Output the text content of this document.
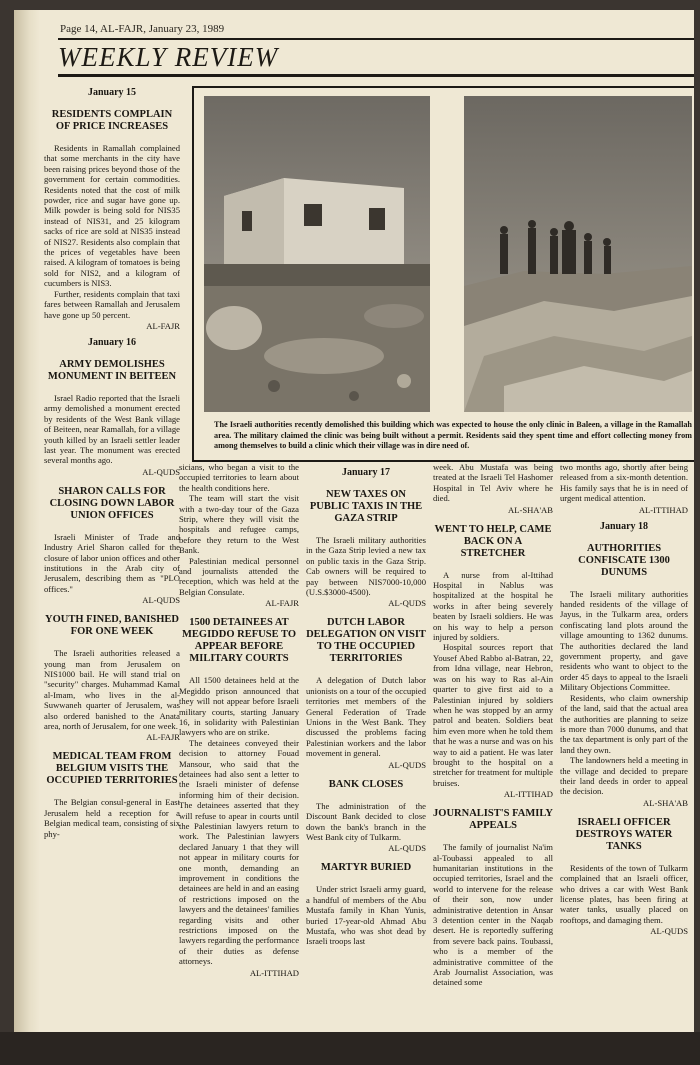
Page 14, AL-FAJR, January 23, 1989
WEEKLY REVIEW
The Israeli authorities recently demolished this building which was expected to house the only clinic in Baleen, a village in the Ramallah area. The military claimed the clinic was being built without a permit. Residents said they spent time and effort collecting money from among themselves to build a clinic which their village was in dire need of.
January 15
RESIDENTS COMPLAIN OF PRICE INCREASES

Residents in Ramallah complained that some merchants in the city have been raising prices beyond those of the government for certain commodities. Residents noted that the cost of milk powder, rice and sugar have gone up. Milk powder is being sold for NIS35 instead of NIS31, and 25 kilogram sacks of rice are sold at NIS35 instead of NIS27. Residents also complain that the prices of vegetables have been raised. A kilogram of tomatoes is being sold for NIS2, and a kilogram of cucumbers is NIS3.

Further, residents complain that taxi fares between Ramallah and Jerusalem have gone up 50 percent.

AL-FAJR
January 16
ARMY DEMOLISHES MONUMENT IN BEITEEN

Israel Radio reported that the Israeli army demolished a monument erected by residents of the West Bank village of Beiteen, near Ramallah, for a village youth killed by an Israeli settler leader last year. The monument was erected several months ago.

AL-QUDS
SHARON CALLS FOR CLOSING DOWN LABOR UNION OFFICES

Israeli Minister of Trade and Industry Ariel Sharon called for the closure of labor union offices and other institutions in the Arab city of Jerusalem, describing them as "PLO offices."

AL-QUDS
YOUTH FINED, BANISHED FOR ONE WEEK

The Israeli authorities released a young man from Jerusalem on NIS1000 bail. He will stand trial on "security" charges. Muhammad Kamal al-Imam, who lives in the al-Suwwaneh quarter of Jerusalem, was also ordered banished to the Anata area, north of Jerusalem, for one week.

AL-FAJR
MEDICAL TEAM FROM BELGIUM VISITS THE OCCUPIED TERRITORIES

The Belgian consul-general in East Jerusalem held a reception for a Belgian medical team, consisting of six phy-

sicians, who began a visit to the occupied territories to learn about the health conditions here.

The team will start the visit with a two-day tour of the Gaza Strip, where they will visit the hospitals and refugee camps, before they return to the West Bank.

Palestinian medical personnel and journalists attended the reception, which was held at the Belgian Consulate.

AL-FAJR
1500 DETAINEES AT MEGIDDO REFUSE TO APPEAR BEFORE MILITARY COURTS

All 1500 detainees held at the Megiddo prison announced that they will not appear before Israeli military courts, starting January 16, in solidarity with Palestinian lawyers who are on strike.

The detainees conveyed their decision to attorney Fouad Mansour, who said that the detainees had also sent a letter to the Israeli minister of defense informing him of their decision. The detainees asserted that they will refuse to apear in courts until the Palestinian lawyers return to work. The Palestinian lawyers declared January 1 that they will not appear in military courts for one month, demanding an improvement in conditions the detainees are held in and an easing of restrictions imposed on the lawyers and the detainees' families regarding visits and other restrictions imposed on the lawyers regarding the performance of their duties as defense attorneys.

AL-ITTIHAD
January 17
NEW TAXES ON PUBLIC TAXIS IN THE GAZA STRIP

The Israeli military authorities in the Gaza Strip levied a new tax on public taxis in the Gaza Strip. Cab owners will be required to pay between NIS7000-10,000 (U.S.$3000-4500).

AL-QUDS
DUTCH LABOR DELEGATION ON VISIT TO THE OCCUPIED TERRITORIES

A delegation of Dutch labor unionists on a tour of the occupied territories met members of the General Federation of Trade Unions in the West Bank. They discussed the problems facing Palestinian workers and the labor movement in general.

AL-QUDS
BANK CLOSES

The administration of the Discount Bank decided to close down the bank's branch in the West Bank city of Tulkarm.

AL-QUDS
MARTYR BURIED

Under strict Israeli army guard, a handful of members of the Abu Mustafa family in Khan Yunis, buried 17-year-old Ahmad Abu Mustafa, who was shot dead by Israeli troops last

week. Abu Mustafa was being treated at the Israeli Tel Hashomer Hospital in Tel Aviv where he died.

AL-SHA'AB
WENT TO HELP, CAME BACK ON A STRETCHER

A nurse from al-Ittihad Hospital in Nablus was hospitalized at the hospital he works in after being severely beaten by Israeli soldiers. He was on his way to help a person injured by soldiers.

Hospital sources report that Yousef Abed Rabbo al-Batran, 22, from Idna village, near Hebron, was on his way to Ras al-Ain quarter to give first aid to a Palestinian injured by soldiers when he was stopped by an army patrol and beaten. Soldiers beat him even more when he told them that he was a nurse and was on his way to aid a patient. He was later brought to the hospital on a stretcher for treatment for multiple bruises.

AL-ITTIHAD
JOURNALIST'S FAMILY APPEALS

The family of journalist Na'im al-Toubassi appealed to all humanitarian institutions in the occupied territories, Israel and the world to intervene for the release of their son, now under administrative detention in Ansar 3 detention center in the Naqab desert. He is reportedly suffering from severe back pains. Toubassi, who is a member of the administrative committee of the Arab Journalist Association, was detained some

two months ago, shortly after being released from a six-month detention. His family says that he is in need of urgent medical attention.

AL-ITTIHAD
January 18
AUTHORITIES CONFISCATE 1300 DUNUMS

The Israeli military authorities handed residents of the village of Jayus, in the Tulkarm area, orders confiscating land plots around the village amounting to 1362 dunums. The authorities declared the land government property, and gave residents who want to object to the order 45 days to appeal to the Israeli Military Objections Committee.

Residents, who claim ownership of the land, said that the actual area the authorities are planning to seize is more than 7000 dunums, and that the tax department is only part of the land they own.

The landowners held a meeting in the village and decided to prepare their land deeds in order to appeal the decision.

AL-SHA'AB
ISRAELI OFFICER DESTROYS WATER TANKS

Residents of the town of Tulkarm complained that an Israeli officer, who drives a car with West Bank license plates, has been firing at water tanks, usually placed on rooftops, and damaging them.

AL-QUDS
